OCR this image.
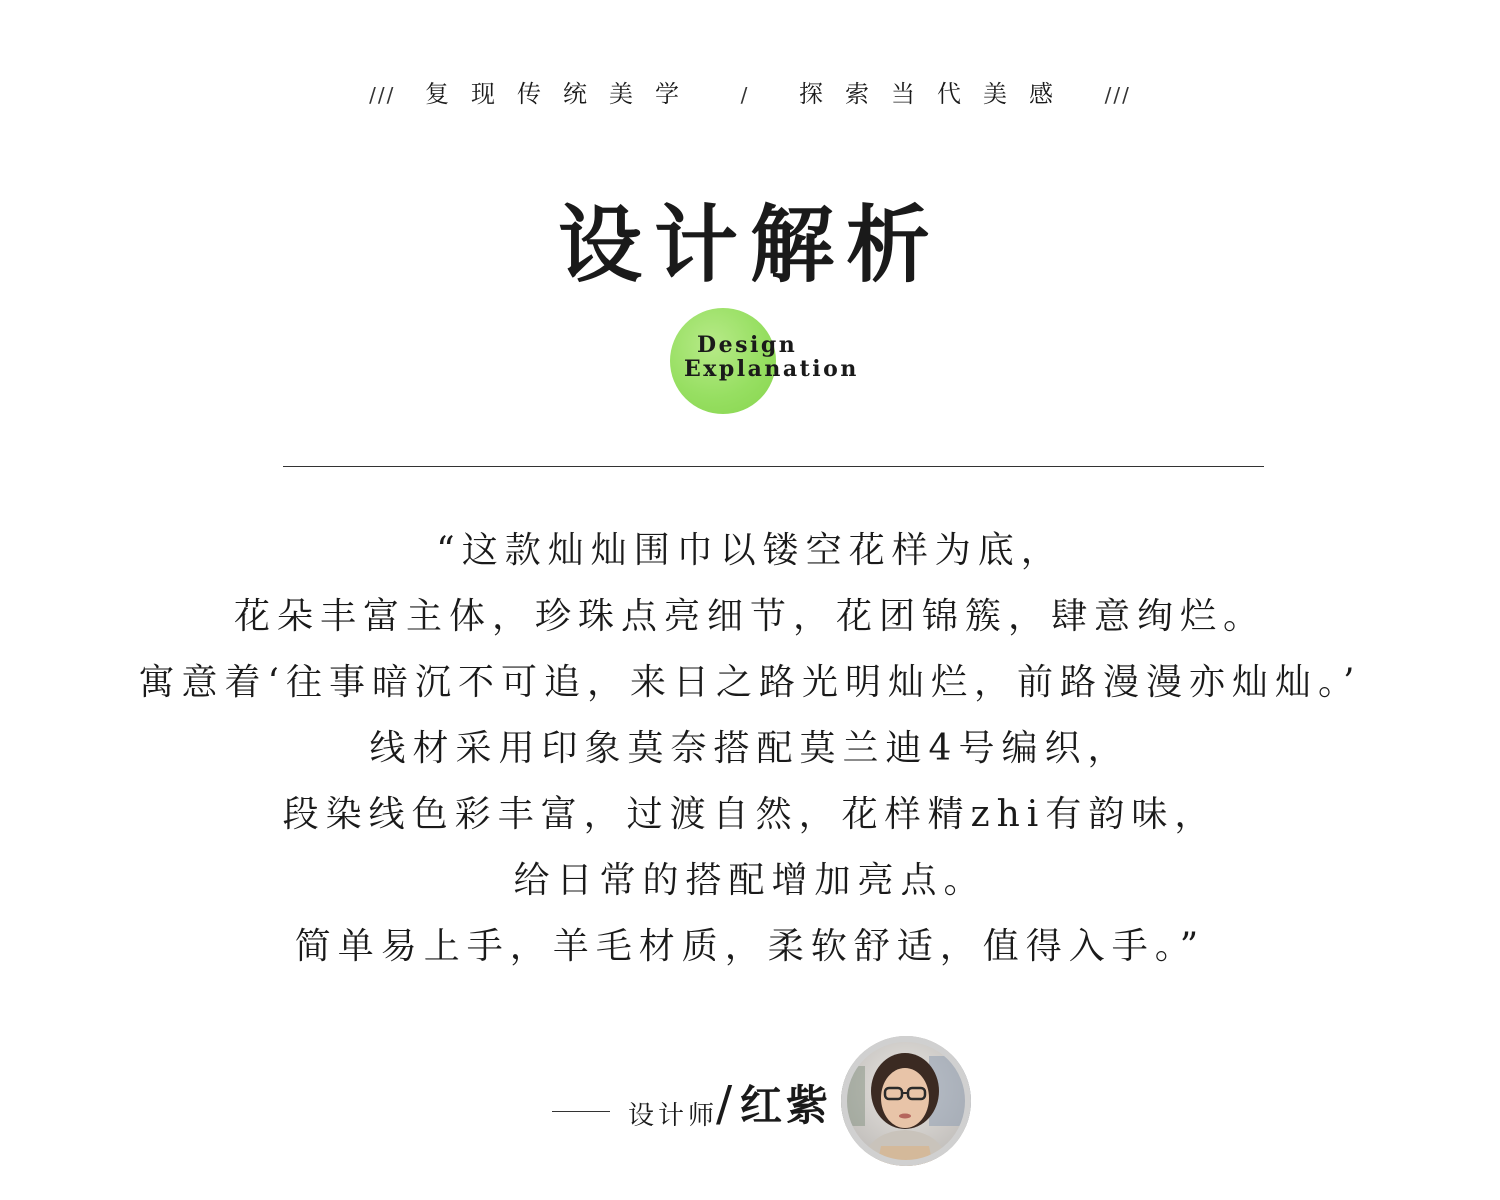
/// 复现传统美学 / 探索当代美感 ///
设计解析
Design
Explanation
“这款灿灿围巾以镂空花样为底，
花朵丰富主体，珍珠点亮细节，花团锦簇，肆意绚烂。
寓意着‘往事暗沉不可追，来日之路光明灿烂，前路漫漫亦灿灿。’
线材采用印象莫奈搭配莫兰迪4号编织，
段染线色彩丰富，过渡自然，花样精zhi有韵味，
给日常的搭配增加亮点。
简单易上手，羊毛材质，柔软舒适，值得入手。”
设计师
/ 红紫
